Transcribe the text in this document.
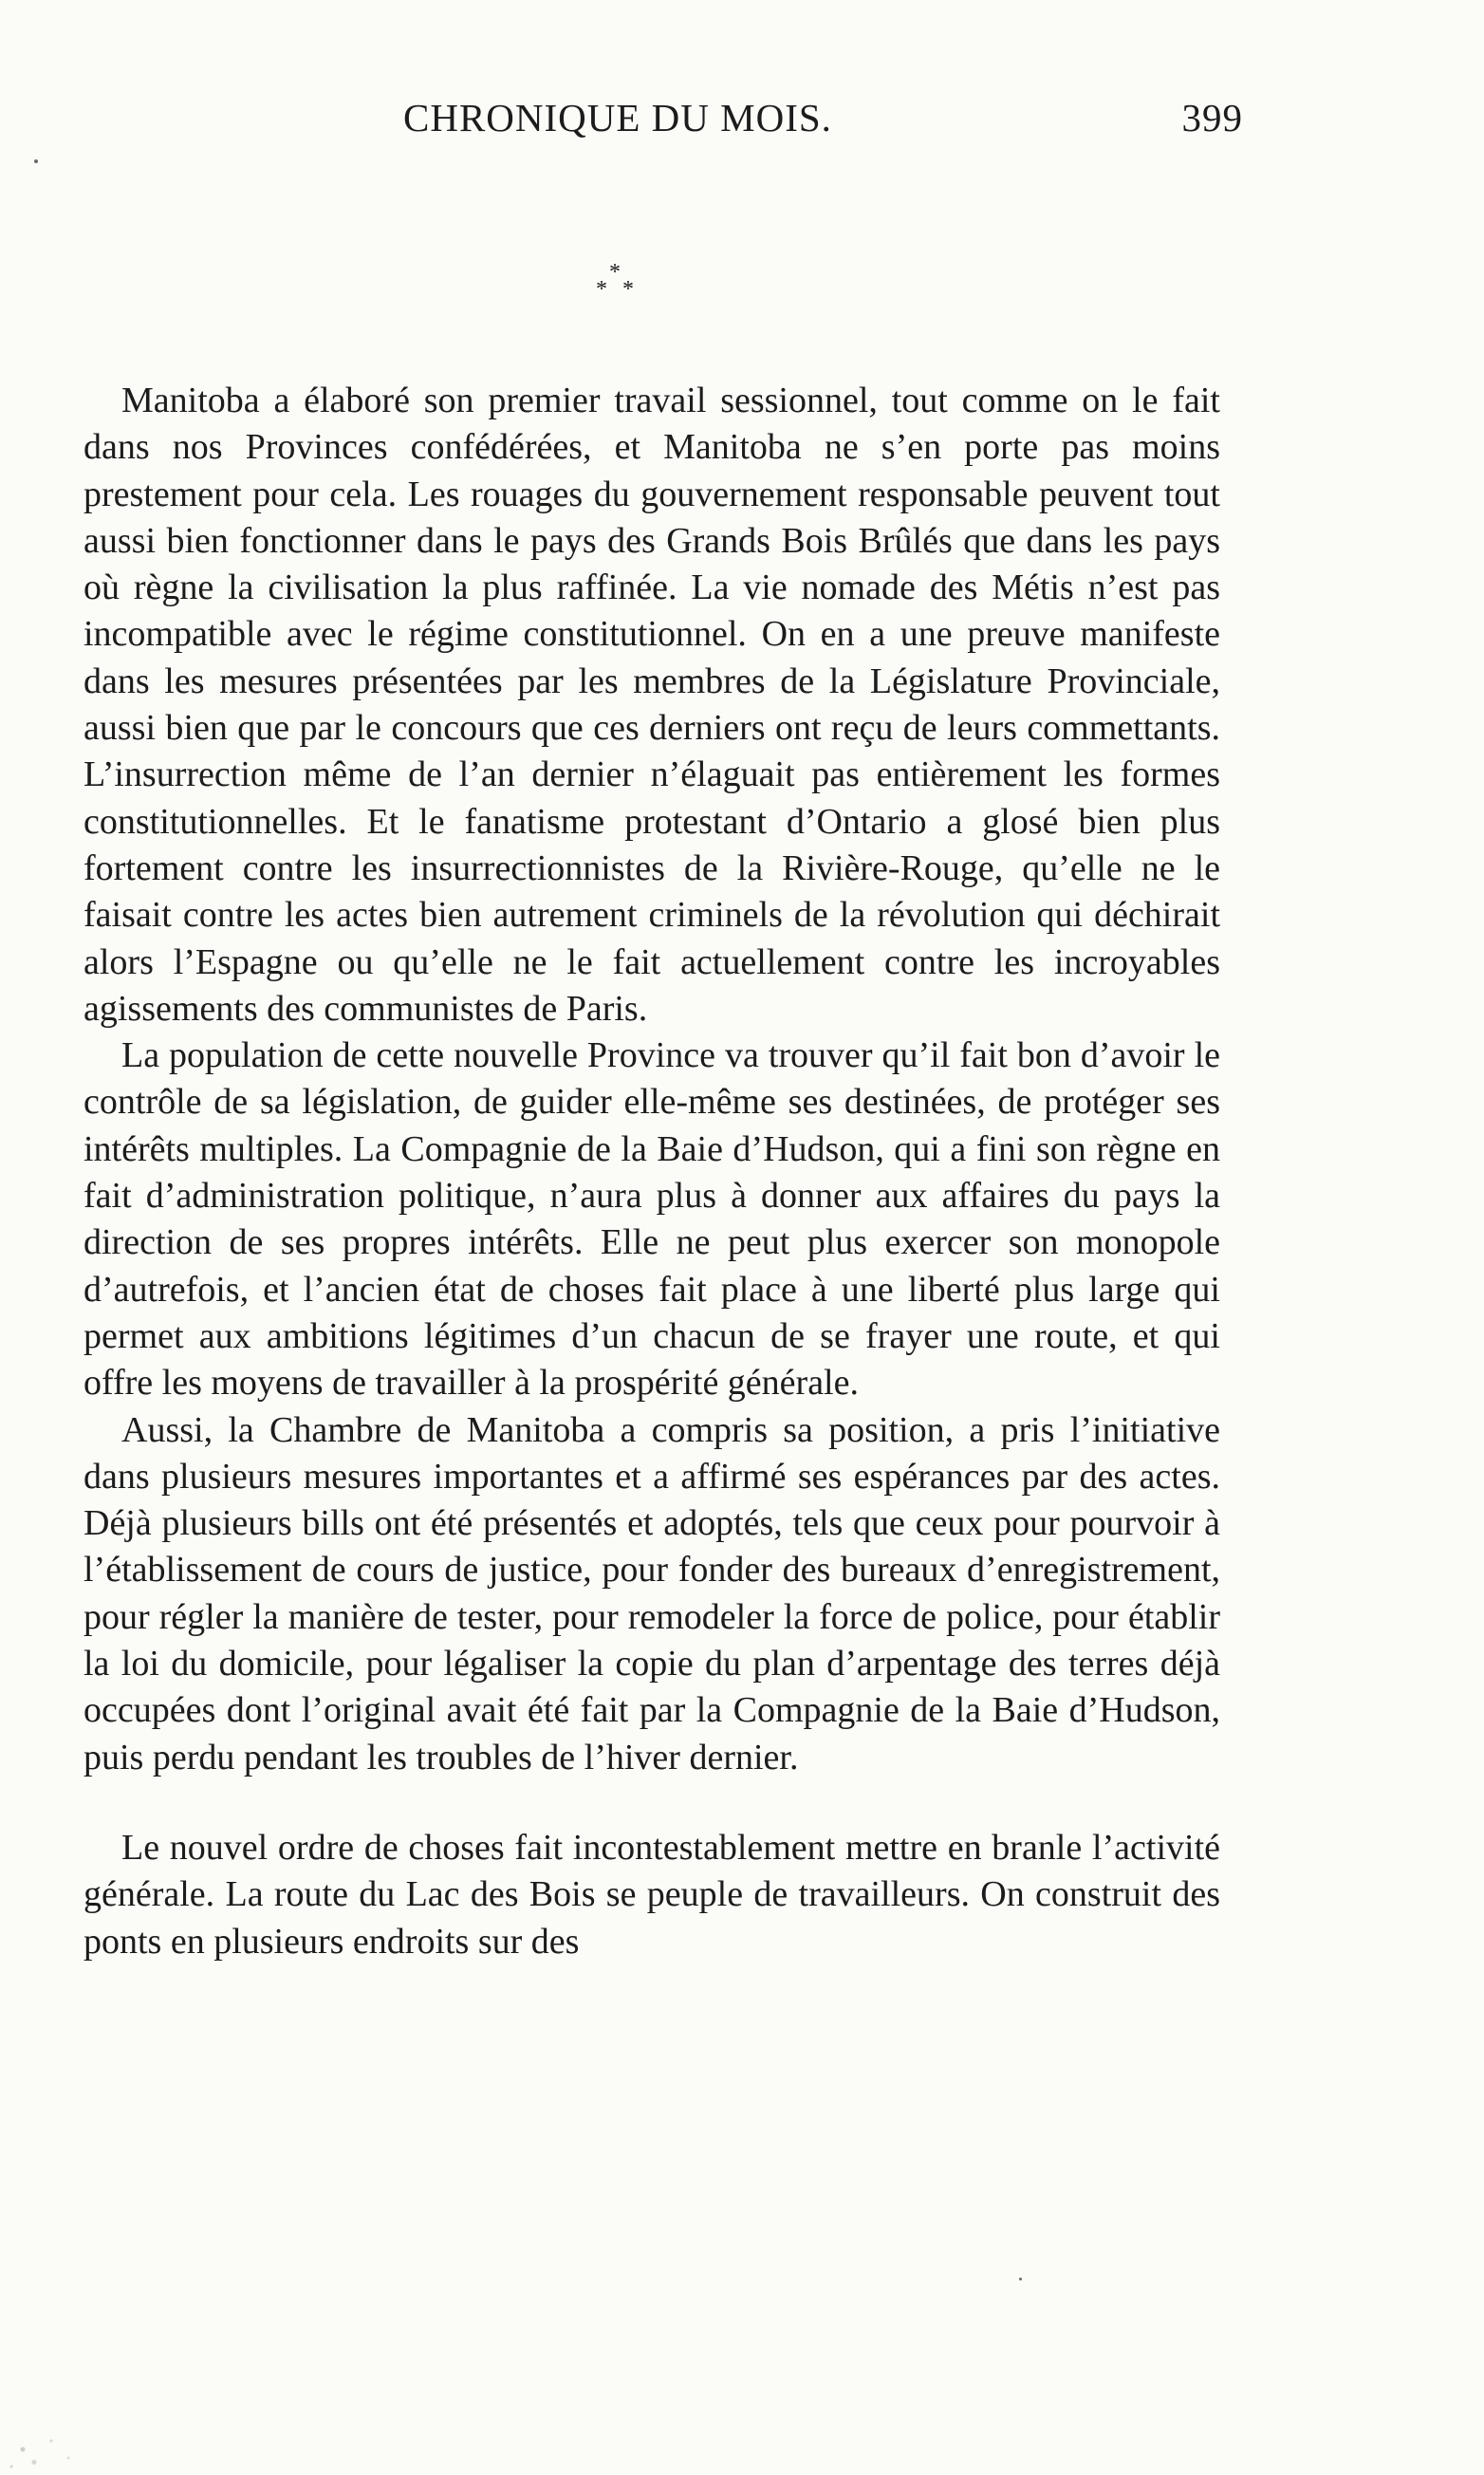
CHRONIQUE DU MOIS.	399
*
* *

Manitoba a élaboré son premier travail sessionnel, tout comme on le fait dans nos Provinces confédérées, et Manitoba ne s’en porte pas moins prestement pour cela. Les rouages du gouvernement responsable peuvent tout aussi bien fonctionner dans le pays des Grands Bois Brûlés que dans les pays où règne la civilisation la plus raffinée. La vie nomade des Métis n’est pas incompatible avec le régime constitutionnel. On en a une preuve manifeste dans les mesures présentées par les membres de la Législature Provinciale, aussi bien que par le concours que ces derniers ont reçu de leurs commettants. L’insurrection même de l’an dernier n’élaguait pas entièrement les formes constitutionnelles. Et le fanatisme protestant d’Ontario a glosé bien plus fortement contre les insurrectionnistes de la Rivière-Rouge, qu’elle ne le faisait contre les actes bien autrement criminels de la révolution qui déchirait alors l’Espagne ou qu’elle ne le fait actuellement contre les incroyables agissements des communistes de Paris.

La population de cette nouvelle Province va trouver qu’il fait bon d’avoir le contrôle de sa législation, de guider elle-même ses destinées, de protéger ses intérêts multiples. La Compagnie de la Baie d’Hudson, qui a fini son règne en fait d’administration politique, n’aura plus à donner aux affaires du pays la direction de ses propres intérêts. Elle ne peut plus exercer son monopole d’autrefois, et l’ancien état de choses fait place à une liberté plus large qui permet aux ambitions légitimes d’un chacun de se frayer une route, et qui offre les moyens de travailler à la prospérité générale.

Aussi, la Chambre de Manitoba a compris sa position, a pris l’initiative dans plusieurs mesures importantes et a affirmé ses espérances par des actes. Déjà plusieurs bills ont été présentés et adoptés, tels que ceux pour pourvoir à l’établissement de cours de justice, pour fonder des bureaux d’enregistrement, pour régler la manière de tester, pour remodeler la force de police, pour établir la loi du domicile, pour légaliser la copie du plan d’arpentage des terres déjà occupées dont l’original avait été fait par la Compagnie de la Baie d’Hudson, puis perdu pendant les troubles de l’hiver dernier.

Le nouvel ordre de choses fait incontestablement mettre en branle l’activité générale. La route du Lac des Bois se peuple de travailleurs. On construit des ponts en plusieurs endroits sur des
